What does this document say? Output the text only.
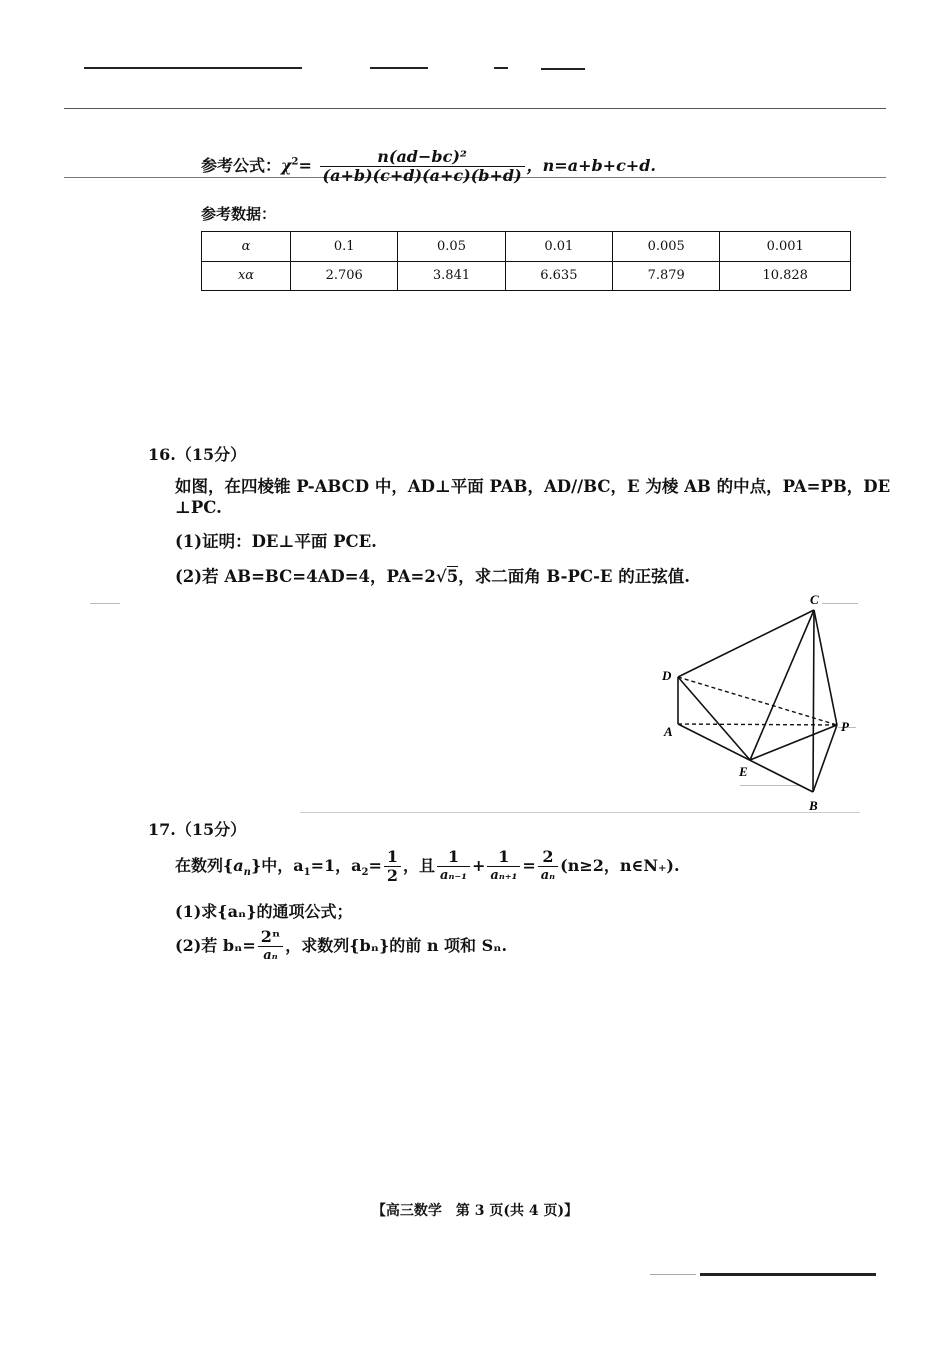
参考公式：$\chi^2= \frac{\text{n(ad−bc)²}}{(a+b)(c+d)(a+c)(b+d)}$ ，n=a+b+c+d.
参考数据：
α	0.1	0.05	0.01	0.005	0.001
xα	2.706	3.841	6.635	7.879	10.828
16.（15分）
如图，在四棱锥 P-ABCD 中，AD⊥平面 PAB，AD//BC，E 为棱 AB 的中点，PA=PB，DE
⊥PC.
(1)证明：DE⊥平面 PCE.
(2)若 AB=BC=4AD=4，PA=2√5，求二面角 B-PC-E 的正弦值.
C
D
A	P
E
B
17.（15分）
在数列$\{a_n\}$中，$a_1=1$，$a_2= \frac{1}{2}$ ，且 $\frac{1}{\text{aₙ₋₁}} + \frac{1}{\text{aₙ₊₁}} = \frac{2}{\text{aₙ}} (n\ge 2$，n∈N₊).
(1)求{aₙ}的通项公式；
(2)若 $b_n= \frac{\text{2ⁿ}}{\text{aₙ}}$ ，求数列{bₙ}的前 n 项和 Sₙ.
【高三数学　第 3 页(共 4 页)】
